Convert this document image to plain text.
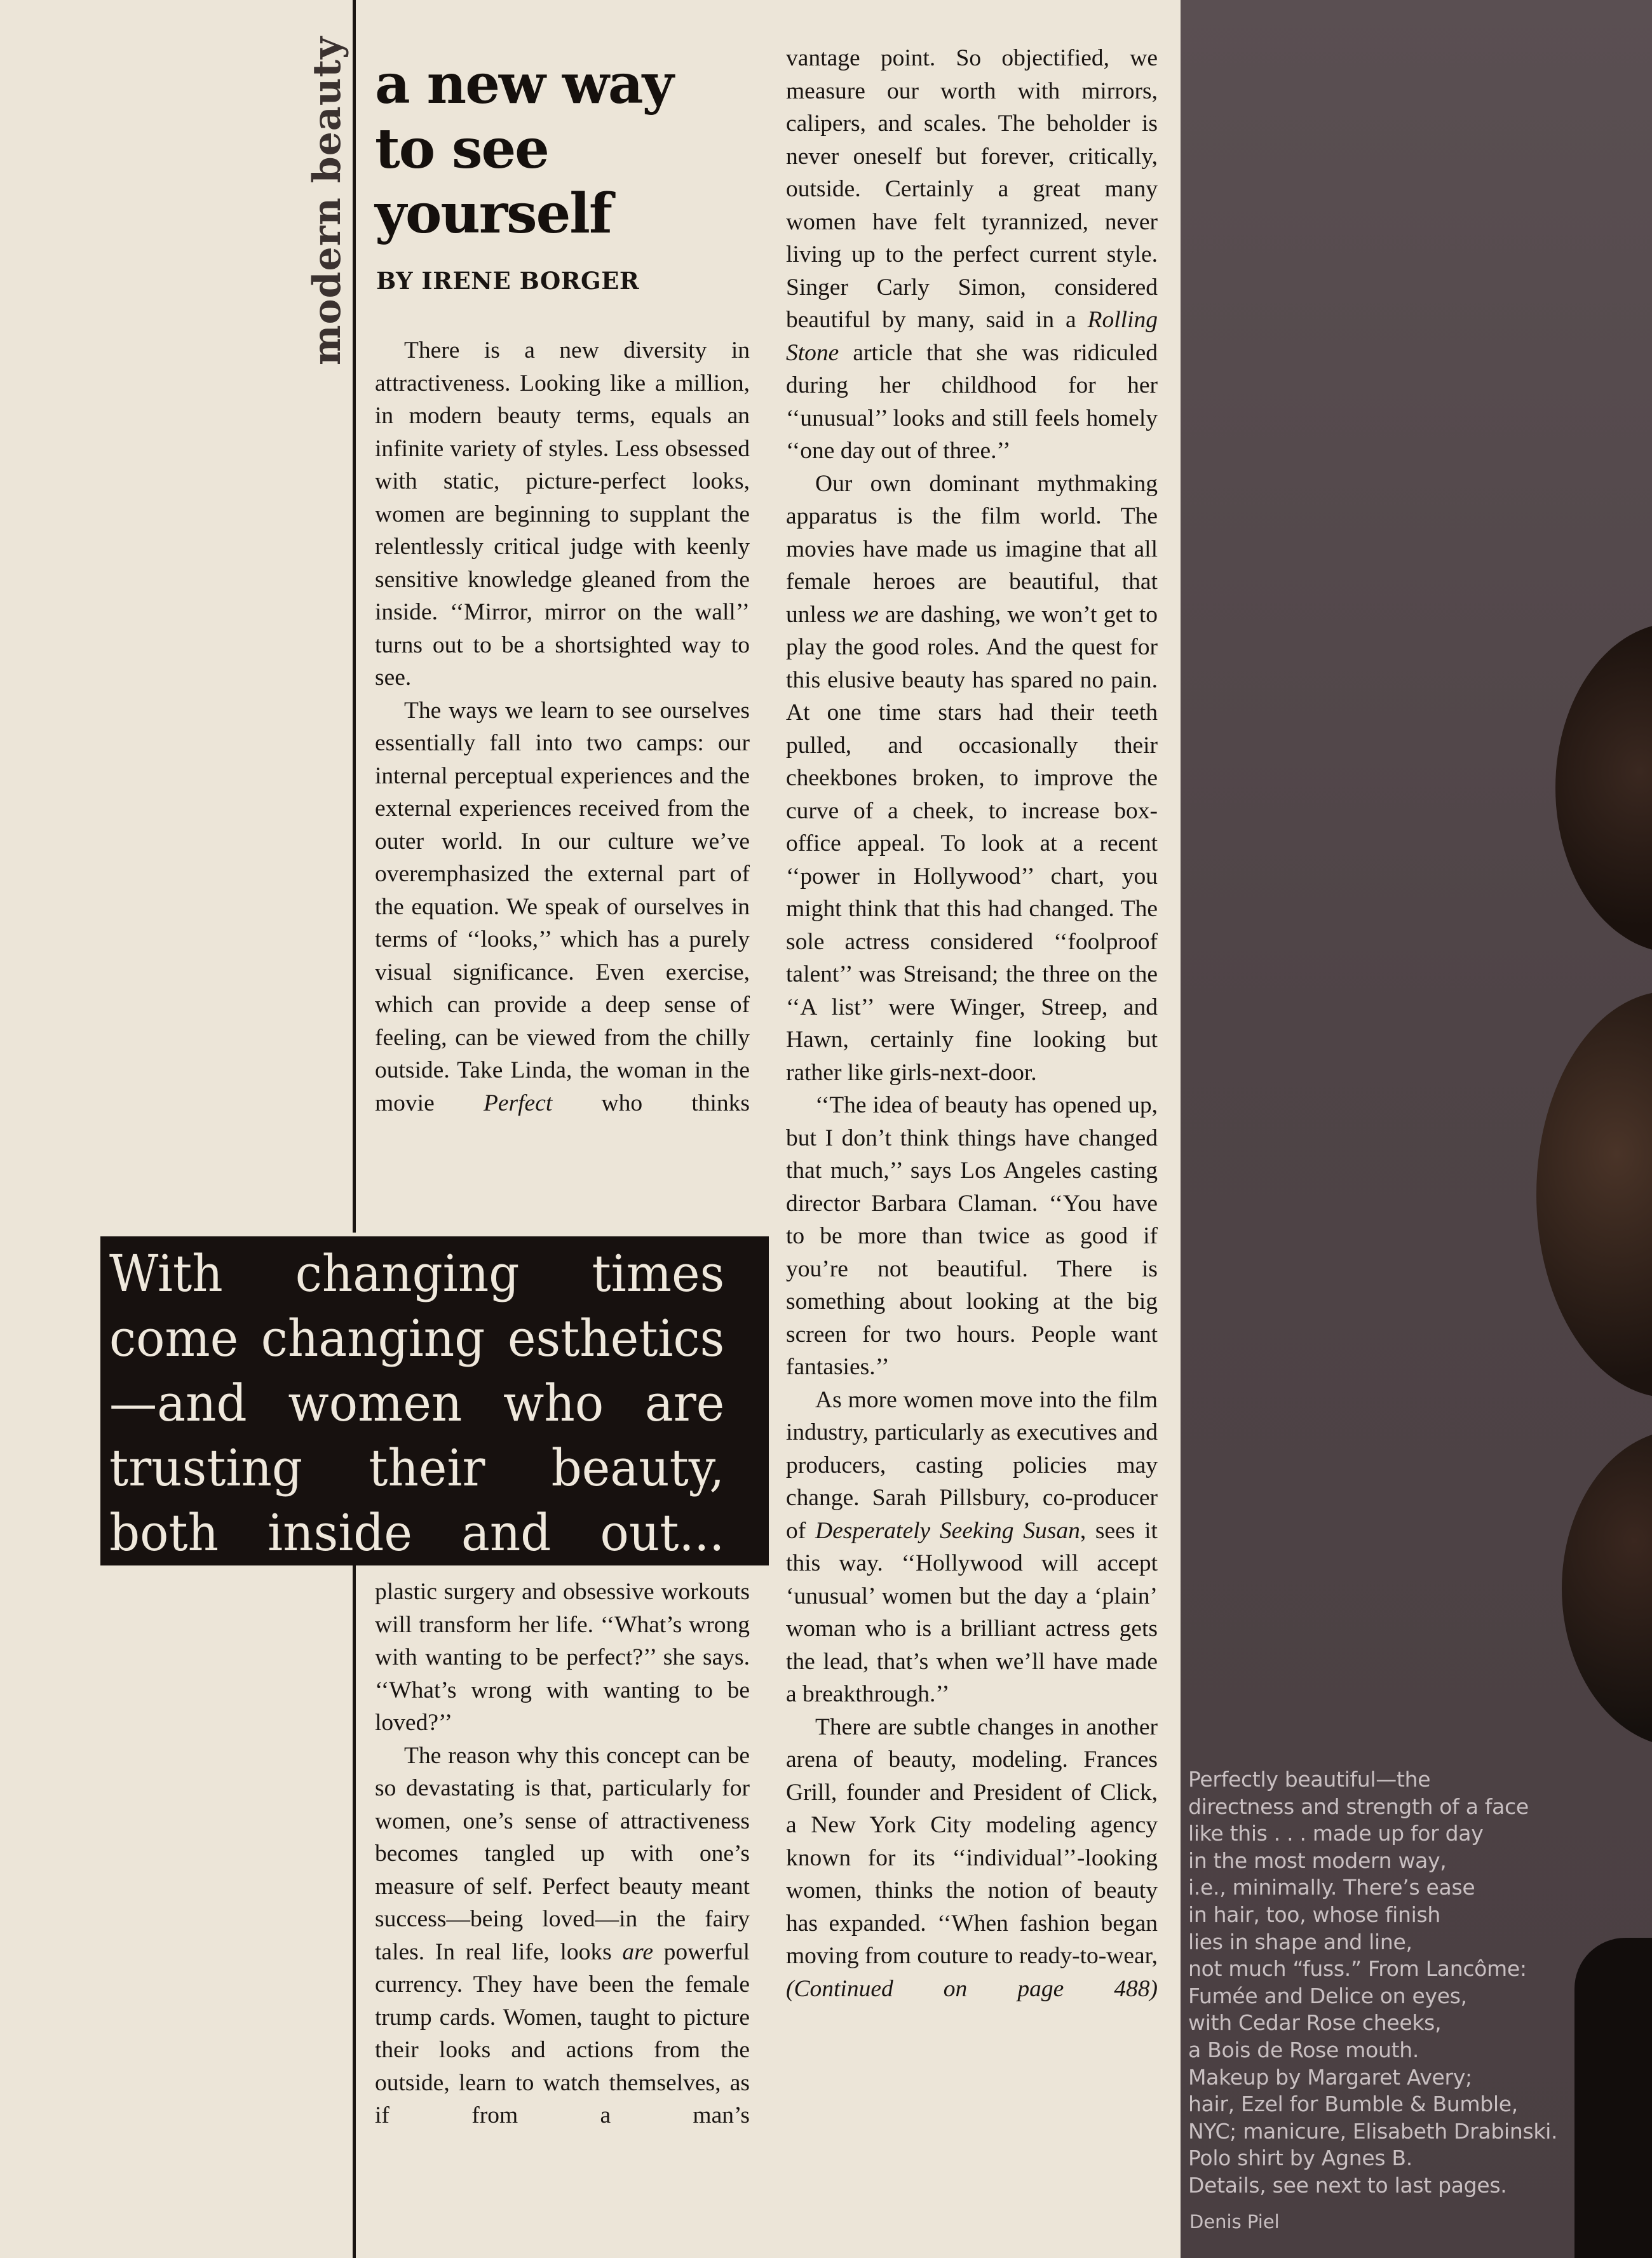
modern beauty a new way
to see
yourself
BY IRENE BORGER

There is a new diversity in attractiveness. Looking like a million, in modern beauty terms, equals an infinite variety of styles. Less obsessed with static, picture-perfect looks, women are beginning to supplant the relentlessly critical judge with keenly sensitive knowledge gleaned from the inside. ‘‘Mirror, mirror on the wall’’ turns out to be a shortsighted way to see.

The ways we learn to see ourselves essentially fall into two camps: our internal perceptual experiences and the external experiences received from the outer world. In our culture we’ve overemphasized the external part of the equation. We speak of ourselves in terms of ‘‘looks,’’ which has a purely visual significance. Even exercise, which can provide a deep sense of feeling, can be viewed from the chilly outside. Take Linda, the woman in the movie Perfect who thinks

With changing times
come changing esthetics
—and women who are
trusting their beauty,
both inside and out...

plastic surgery and obsessive workouts will transform her life. ‘‘What’s wrong with wanting to be perfect?’’ she says. ‘‘What’s wrong with wanting to be loved?’’

The reason why this concept can be so devastating is that, particularly for women, one’s sense of attractiveness becomes tangled up with one’s measure of self. Perfect beauty meant success—being loved—in the fairy tales. In real life, looks are powerful currency. They have been the female trump cards. Women, taught to picture their looks and actions from the outside, learn to watch themselves, as if from a man’s

vantage point. So objectified, we measure our worth with mirrors, calipers, and scales. The beholder is never oneself but forever, critically, outside. Certainly a great many women have felt tyrannized, never living up to the perfect current style. Singer Carly Simon, considered beautiful by many, said in a Rolling Stone article that she was ridiculed during her childhood for her ‘‘unusual’’ looks and still feels homely ‘‘one day out of three.’’

Our own dominant mythmaking apparatus is the film world. The movies have made us imagine that all female heroes are beautiful, that unless we are dashing, we won’t get to play the good roles. And the quest for this elusive beauty has spared no pain. At one time stars had their teeth pulled, and occasionally their cheekbones broken, to improve the curve of a cheek, to increase box-office appeal. To look at a recent ‘‘power in Hollywood’’ chart, you might think that this had changed. The sole actress considered ‘‘foolproof talent’’ was Streisand; the three on the ‘‘A list’’ were Winger, Streep, and Hawn, certainly fine looking but rather like girls-next-door.

‘‘The idea of beauty has opened up, but I don’t think things have changed that much,’’ says Los Angeles casting director Barbara Claman. ‘‘You have to be more than twice as good if you’re not beautiful. There is something about looking at the big screen for two hours. People want fantasies.’’

As more women move into the film industry, particularly as executives and producers, casting policies may change. Sarah Pillsbury, co-producer of Desperately Seeking Susan, sees it this way. ‘‘Hollywood will accept ‘unusual’ women but the day a ‘plain’ woman who is a brilliant actress gets the lead, that’s when we’ll have made a breakthrough.’’

There are subtle changes in another arena of beauty, modeling. Frances Grill, founder and President of Click, a New York City modeling agency known for its ‘‘individual’’-looking women, thinks the notion of beauty has expanded. ‘‘When fashion began moving from couture to ready-to-wear, (Continued on page 488)

Perfectly beautiful—the
directness and strength of a face
like this . . . made up for day
in the most modern way,
i.e., minimally. There’s ease
in hair, too, whose finish
lies in shape and line,
not much “fuss.” From Lancôme:
Fumée and Delice on eyes,
with Cedar Rose cheeks,
a Bois de Rose mouth.
Makeup by Margaret Avery;
hair, Ezel for Bumble & Bumble,
NYC; manicure, Elisabeth Drabinski.
Polo shirt by Agnes B.
Details, see next to last pages.
Denis Piel
